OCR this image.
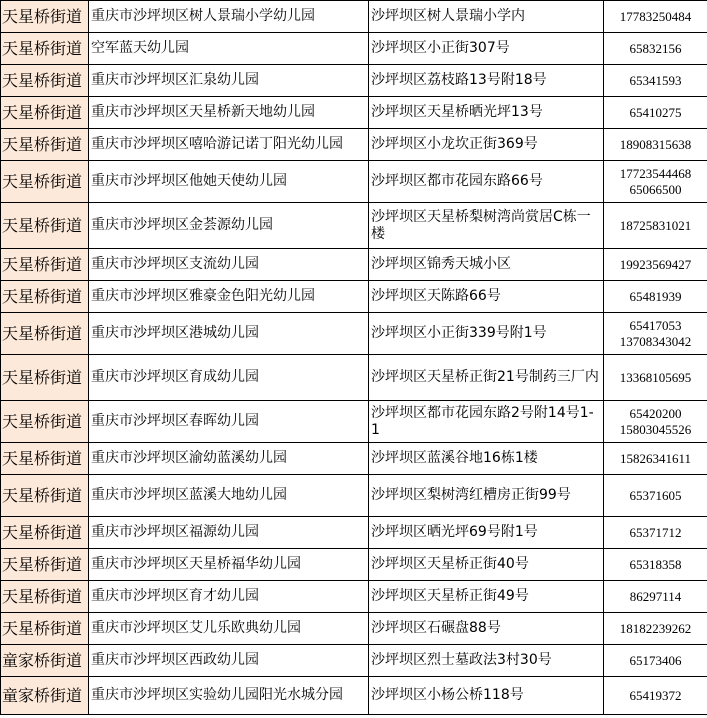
天星桥街道	重庆市沙坪坝区树人景瑞小学幼儿园	沙坪坝区树人景瑞小学内	17783250484

天星桥街道	空军蓝天幼儿园	沙坪坝区小正街307号	65832156

天星桥街道	重庆市沙坪坝区汇泉幼儿园	沙坪坝区荔枝路13号附18号	65341593

天星桥街道	重庆市沙坪坝区天星桥新天地幼儿园	沙坪坝区天星桥晒光坪13号	65410275

天星桥街道	重庆市沙坪坝区嘻哈游记诺丁阳光幼儿园	沙坪坝区小龙坎正街369号	18908315638

天星桥街道	重庆市沙坪坝区他她天使幼儿园	沙坪坝区都市花园东路66号	17723544468
65066500

天星桥街道	重庆市沙坪坝区金荟源幼儿园	沙坪坝区天星桥梨树湾尚赏居C栋一楼	18725831021

天星桥街道	重庆市沙坪坝区支流幼儿园	沙坪坝区锦秀天城小区	19923569427

天星桥街道	重庆市沙坪坝区雅豪金色阳光幼儿园	沙坪坝区天陈路66号	65481939

天星桥街道	重庆市沙坪坝区港城幼儿园	沙坪坝区小正街339号附1号	65417053
13708343042

天星桥街道	重庆市沙坪坝区育成幼儿园	沙坪坝区天星桥正街21号制药三厂内	13368105695

天星桥街道	重庆市沙坪坝区春晖幼儿园	沙坪坝区都市花园东路2号附14号1-1	65420200
15803045526

天星桥街道	重庆市沙坪坝区渝幼蓝溪幼儿园	沙坪坝区蓝溪谷地16栋1楼	15826341611

天星桥街道	重庆市沙坪坝区蓝溪大地幼儿园	沙坪坝区梨树湾红槽房正街99号	65371605

天星桥街道	重庆市沙坪坝区福源幼儿园	沙坪坝区晒光坪69号附1号	65371712

天星桥街道	重庆市沙坪坝区天星桥福华幼儿园	沙坪坝区天星桥正街40号	65318358

天星桥街道	重庆市沙坪坝区育才幼儿园	沙坪坝区天星桥正街49号	86297114

天星桥街道	重庆市沙坪坝区艾儿乐欧典幼儿园	沙坪坝区石碾盘88号	18182239262

童家桥街道	重庆市沙坪坝区西政幼儿园	沙坪坝区烈士墓政法3村30号	65173406

童家桥街道	重庆市沙坪坝区实验幼儿园阳光水城分园	沙坪坝区小杨公桥118号	65419372
